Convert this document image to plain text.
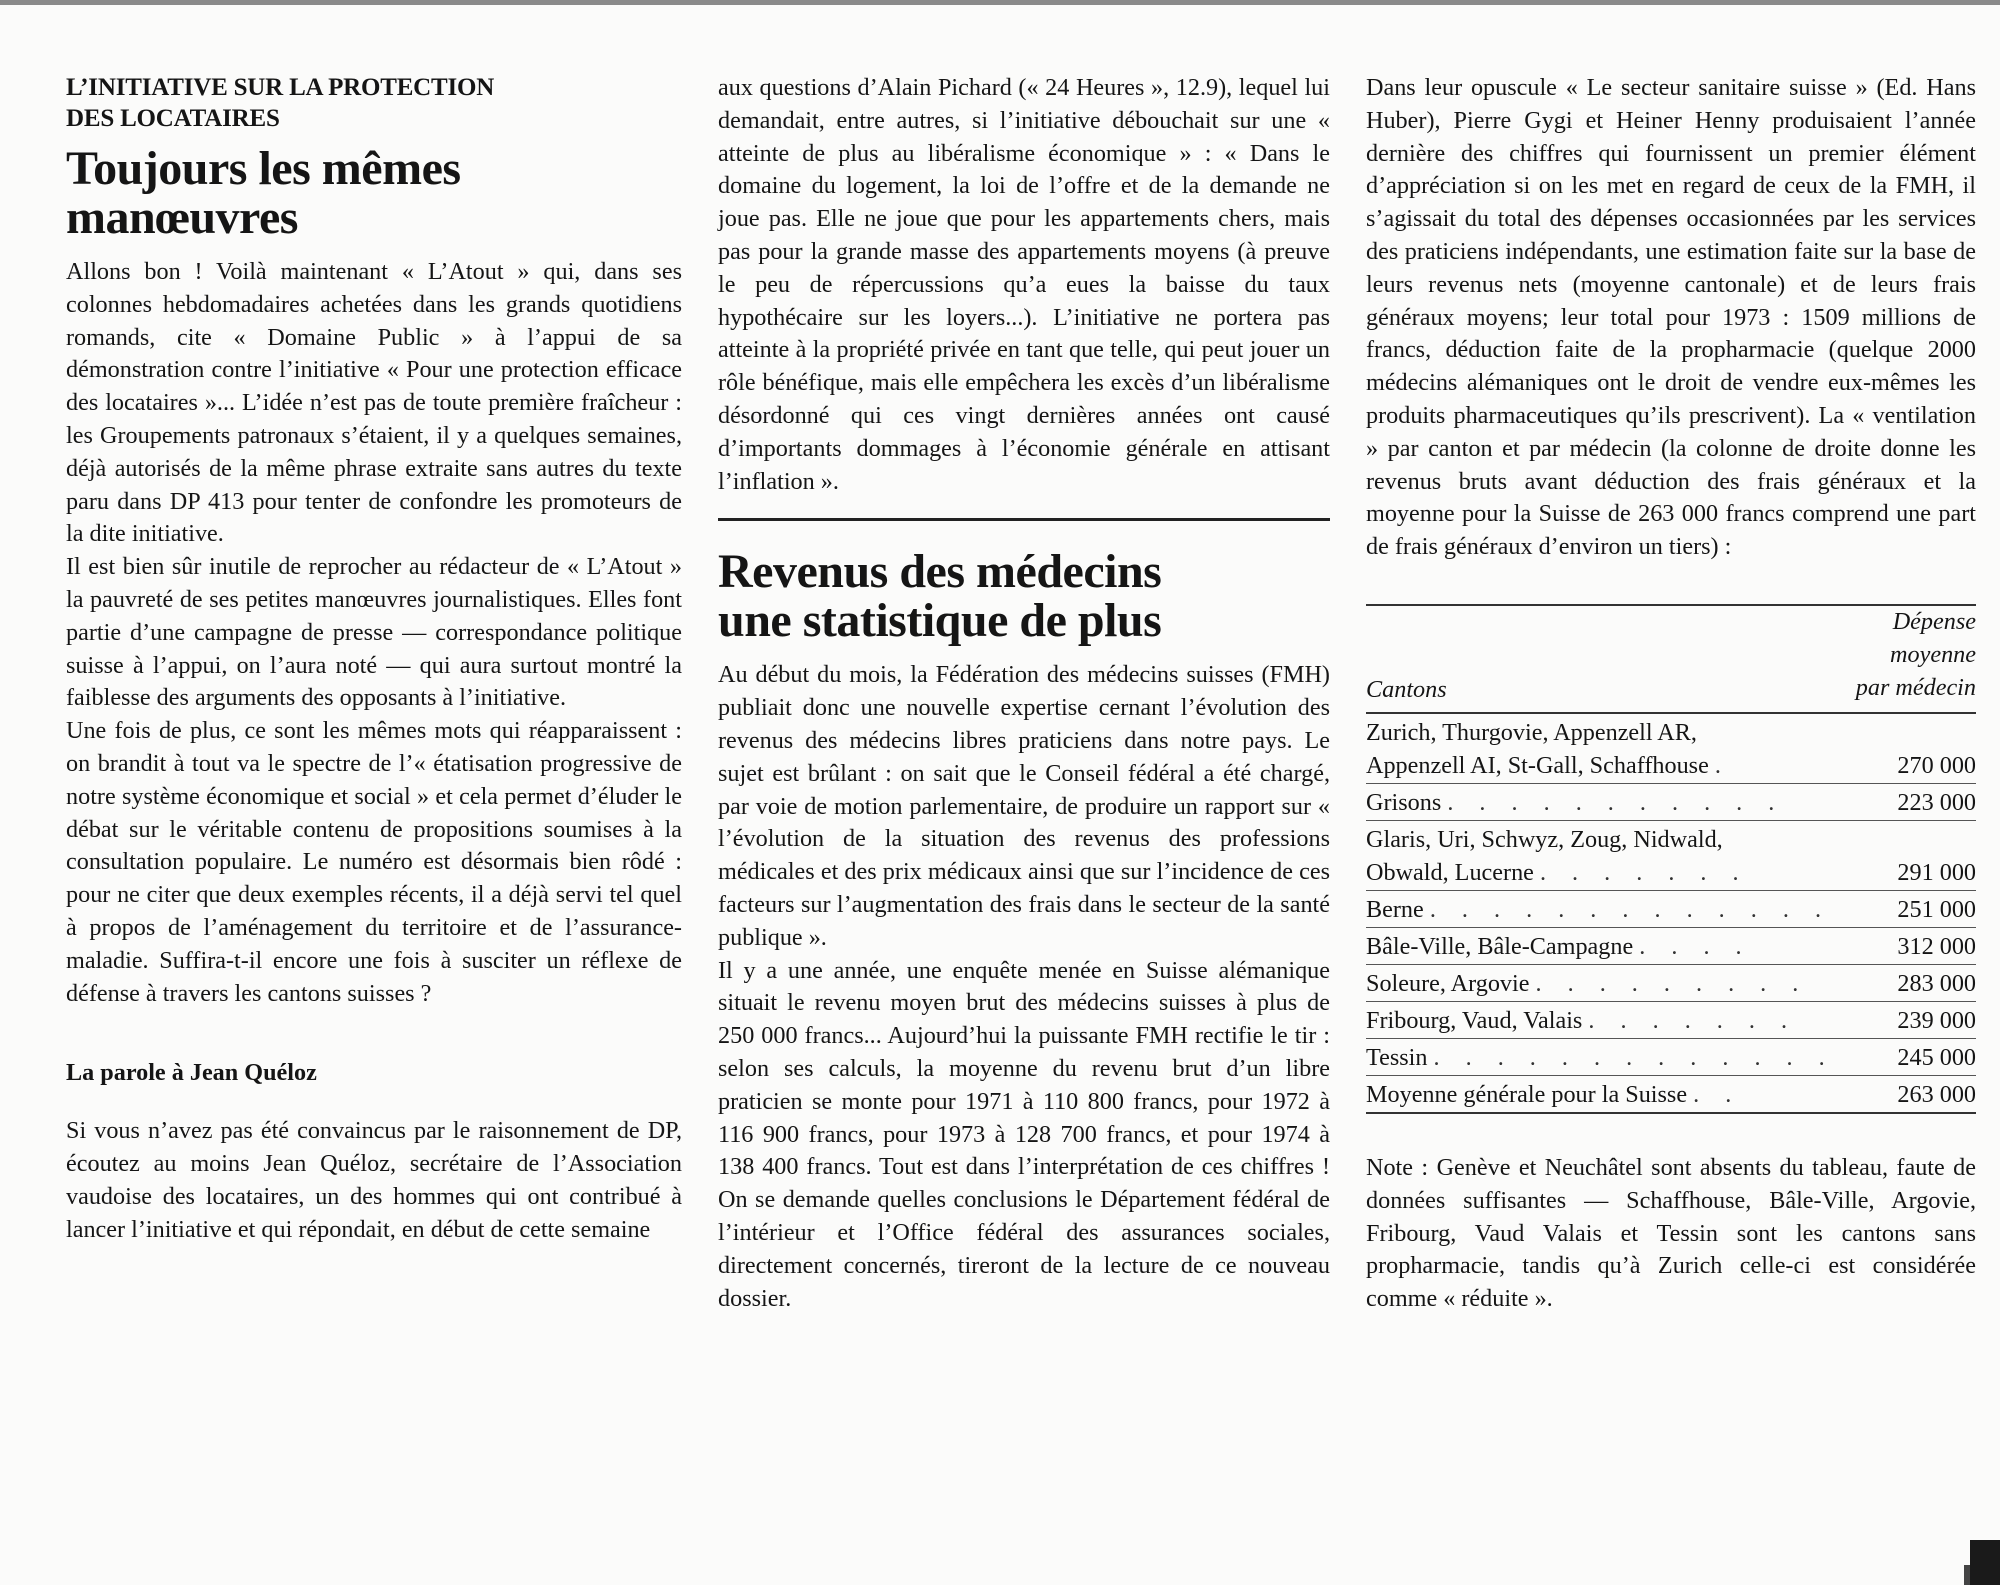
L’INITIATIVE SUR LA PROTECTION
DES LOCATAIRES
Toujours les mêmes
manœuvres

Allons bon ! Voilà maintenant « L’Atout » qui, dans ses colonnes hebdomadaires achetées dans les grands quotidiens romands, cite « Domaine Public » à l’appui de sa démonstration contre l’initiative « Pour une protection efficace des locataires »... L’idée n’est pas de toute première fraîcheur : les Groupements patronaux s’étaient, il y a quelques semaines, déjà autorisés de la même phrase extraite sans autres du texte paru dans DP 413 pour tenter de confondre les promoteurs de la dite initiative.

Il est bien sûr inutile de reprocher au rédacteur de « L’Atout » la pauvreté de ses petites manœuvres journalistiques. Elles font partie d’une campagne de presse — correspondance politique suisse à l’appui, on l’aura noté — qui aura surtout montré la faiblesse des arguments des opposants à l’initiative.

Une fois de plus, ce sont les mêmes mots qui réapparaissent : on brandit à tout va le spectre de l’« étatisation progressive de notre système économique et social » et cela permet d’éluder le débat sur le véritable contenu de propositions soumises à la consultation populaire. Le numéro est désormais bien rôdé : pour ne citer que deux exemples récents, il a déjà servi tel quel à propos de l’aménagement du territoire et de l’assurance-maladie. Suffira-t-il encore une fois à susciter un réflexe de défense à travers les cantons suisses ?

La parole à Jean Quéloz

Si vous n’avez pas été convaincus par le raisonnement de DP, écoutez au moins Jean Quéloz, secrétaire de l’Association vaudoise des locataires, un des hommes qui ont contribué à lancer l’initiative et qui répondait, en début de cette semaine

aux questions d’Alain Pichard (« 24 Heures », 12.9), lequel lui demandait, entre autres, si l’initiative débouchait sur une « atteinte de plus au libéralisme économique » : « Dans le domaine du logement, la loi de l’offre et de la demande ne joue pas. Elle ne joue que pour les appartements chers, mais pas pour la grande masse des appartements moyens (à preuve le peu de répercussions qu’a eues la baisse du taux hypothécaire sur les loyers...). L’initiative ne portera pas atteinte à la propriété privée en tant que telle, qui peut jouer un rôle bénéfique, mais elle empêchera les excès d’un libéralisme désordonné qui ces vingt dernières années ont causé d’importants dommages à l’économie générale en attisant l’inflation ».

Revenus des médecins
une statistique de plus

Au début du mois, la Fédération des médecins suisses (FMH) publiait donc une nouvelle expertise cernant l’évolution des revenus des médecins libres praticiens dans notre pays. Le sujet est brûlant : on sait que le Conseil fédéral a été chargé, par voie de motion parlementaire, de produire un rapport sur « l’évolution de la situation des revenus des professions médicales et des prix médicaux ainsi que sur l’incidence de ces facteurs sur l’augmentation des frais dans le secteur de la santé publique ».

Il y a une année, une enquête menée en Suisse alémanique situait le revenu moyen brut des médecins suisses à plus de 250 000 francs... Aujourd’hui la puissante FMH rectifie le tir : selon ses calculs, la moyenne du revenu brut d’un libre praticien se monte pour 1971 à 110 800 francs, pour 1972 à 116 900 francs, pour 1973 à 128 700 francs, et pour 1974 à 138 400 francs. Tout est dans l’interprétation de ces chiffres ! On se demande quelles conclusions le Département fédéral de l’intérieur et l’Office fédéral des assurances sociales, directement concernés, tireront de la lecture de ce nouveau dossier.

Dans leur opuscule « Le secteur sanitaire suisse » (Ed. Hans Huber), Pierre Gygi et Heiner Henny produisaient l’année dernière des chiffres qui fournissent un premier élément d’appréciation si on les met en regard de ceux de la FMH, il s’agissait du total des dépenses occasionnées par les services des praticiens indépendants, une estimation faite sur la base de leurs revenus nets (moyenne cantonale) et de leurs frais généraux moyens; leur total pour 1973 : 1509 millions de francs, déduction faite de la propharmacie (quelque 2000 médecins alémaniques ont le droit de vendre eux-mêmes les produits pharmaceutiques qu’ils prescrivent). La « ventilation » par canton et par médecin (la colonne de droite donne les revenus bruts avant déduction des frais généraux et la moyenne pour la Suisse de 263 000 francs comprend une part de frais généraux d’environ un tiers) :

Cantons
Dépense
moyenne
par médecin
Zurich, Thurgovie, Appenzell AR,
Appenzell AI, St-Gall, Schaffhouse .	270 000
Grisons . . . . . . . . . . .	223 000
Glaris, Uri, Schwyz, Zoug, Nidwald,
Obwald, Lucerne . . . . . . .	291 000
Berne . . . . . . . . . . . . .	251 000
Bâle-Ville, Bâle-Campagne . . . .	312 000
Soleure, Argovie . . . . . . . . .	283 000
Fribourg, Vaud, Valais . . . . . . .	239 000
Tessin . . . . . . . . . . . . .	245 000
Moyenne générale pour la Suisse . .	263 000

Note : Genève et Neuchâtel sont absents du tableau, faute de données suffisantes — Schaffhouse, Bâle-Ville, Argovie, Fribourg, Vaud Valais et Tessin sont les cantons sans propharmacie, tandis qu’à Zurich celle-ci est considérée comme « réduite ».
